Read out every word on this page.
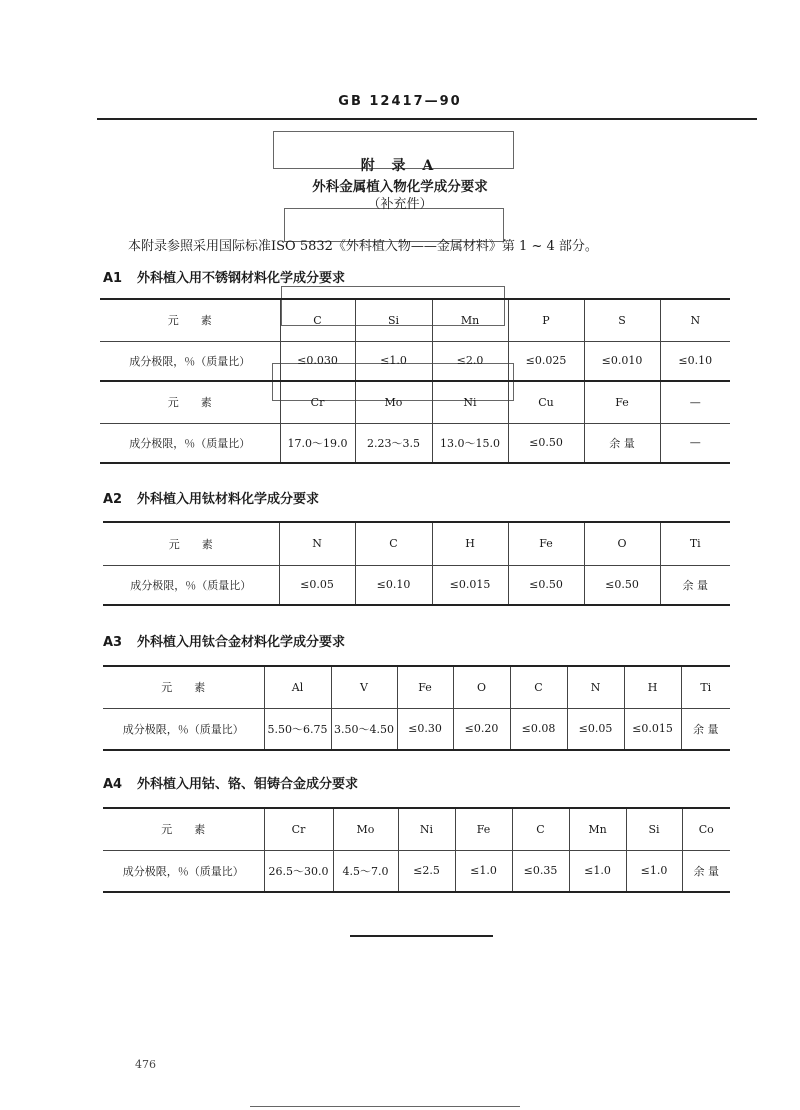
GB 12417—90
附 录 A
外科金属植入物化学成分要求
（补充件）
本附录参照采用国际标准ISO 5832《外科植入物——金属材料》第 1 ~ 4 部分。
A1 外科植入用不锈钢材料化学成分要求
元　　素	C	Si	Mn	P	S	N
成分极限，％（质量比）	≤0.030	≤1.0	≤2.0	≤0.025	≤0.010	≤0.10
元　　素	Cr	Mo	Ni	Cu	Fe	—
成分极限，％（质量比）	17.0～19.0	2.23～3.5	13.0～15.0	≤0.50	余 量	—
A2 外科植入用钛材料化学成分要求
元　　素	N	C	H	Fe	O	Ti
成分极限，％（质量比）	≤0.05	≤0.10	≤0.015	≤0.50	≤0.50	余 量
A3 外科植入用钛合金材料化学成分要求
元　　素	Al	V	Fe	O	C	N	H	Ti
成分极限，％（质量比）	5.50～6.75	3.50～4.50	≤0.30	≤0.20	≤0.08	≤0.05	≤0.015	余 量
A4 外科植入用钴、铬、钼铸合金成分要求
元　　素	Cr	Mo	Ni	Fe	C	Mn	Si	Co
成分极限，％（质量比）	26.5～30.0	4.5～7.0	≤2.5	≤1.0	≤0.35	≤1.0	≤1.0	余 量
476
